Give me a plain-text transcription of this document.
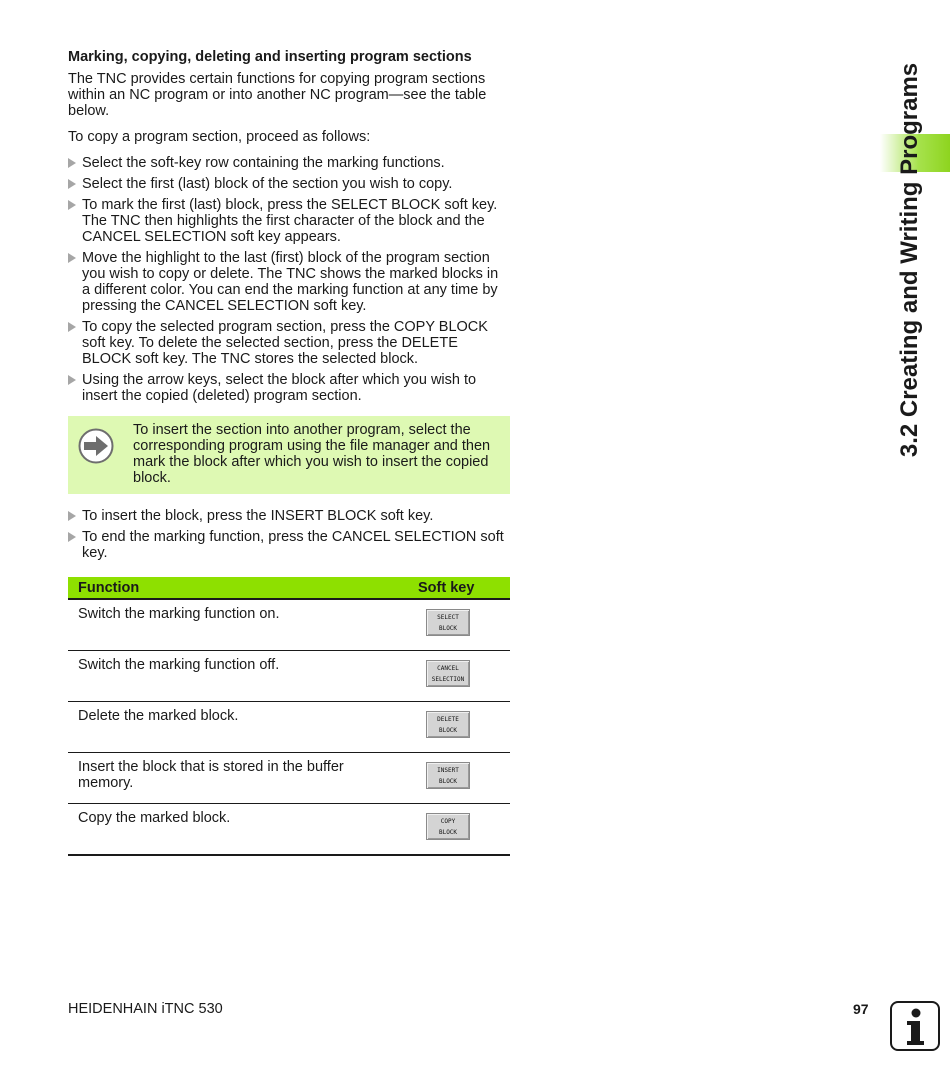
Marking, copying, deleting and inserting program sections

The TNC provides certain functions for copying program sections within an NC program or into another NC program—see the table below.

To copy a program section, proceed as follows:

Select the soft-key row containing the marking functions.
Select the first (last) block of the section you wish to copy.
To mark the first (last) block, press the SELECT BLOCK soft key. The TNC then highlights the first character of the block and the CANCEL SELECTION soft key appears.
Move the highlight to the last (first) block of the program section you wish to copy or delete. The TNC shows the marked blocks in a different color. You can end the marking function at any time by pressing the CANCEL SELECTION soft key.
To copy the selected program section, press the COPY BLOCK soft key. To delete the selected section, press the DELETE BLOCK soft key. The TNC stores the selected block.
Using the arrow keys, select the block after which you wish to insert the copied (deleted) program section.

To insert the section into another program, select the corresponding program using the file manager and then mark the block after which you wish to insert the copied block.

To insert the block, press the INSERT BLOCK soft key.
To end the marking function, press the CANCEL SELECTION soft key.
Function	Soft key
Switch the marking function on.	SELECT
BLOCK

Switch the marking function off.	CANCEL
SELECTION

Delete the marked block.	DELETE
BLOCK

Insert the block that is stored in the buffer memory.	INSERT
BLOCK

Copy the marked block.	COPY
BLOCK
3.2 Creating and Writing Programs
HEIDENHAIN iTNC 530	97
